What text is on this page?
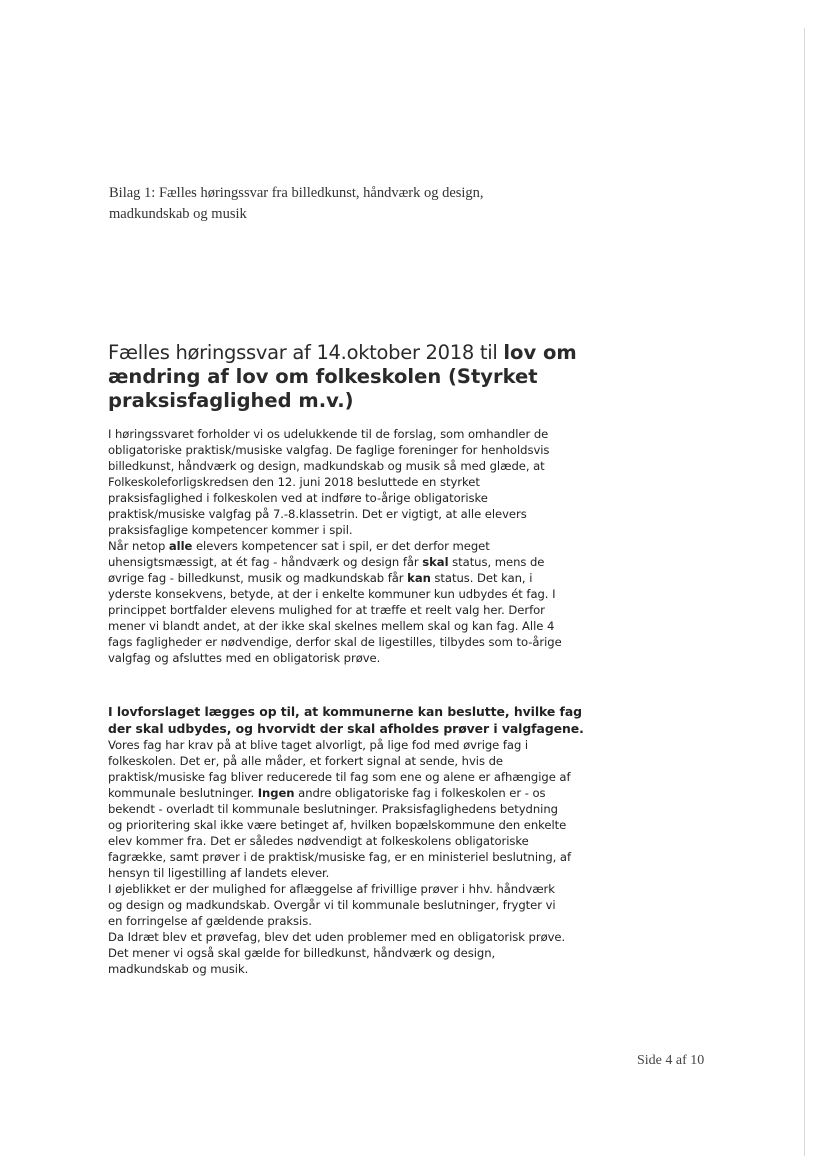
Bilag 1: Fælles høringssvar fra billedkunst, håndværk og design,
madkundskab og musik
Fælles høringssvar af 14.oktober 2018 til lov om
ændring af lov om folkeskolen (Styrket
praksisfaglighed m.v.)
I høringssvaret forholder vi os udelukkende til de forslag, som omhandler de
obligatoriske praktisk/musiske valgfag. De faglige foreninger for henholdsvis
billedkunst, håndværk og design, madkundskab og musik så med glæde, at
Folkeskoleforligskredsen den 12. juni 2018 besluttede en styrket
praksisfaglighed i folkeskolen ved at indføre to-årige obligatoriske
praktisk/musiske valgfag på 7.-8.klassetrin. Det er vigtigt, at alle elevers
praksisfaglige kompetencer kommer i spil.
Når netop alle elevers kompetencer sat i spil, er det derfor meget
uhensigtsmæssigt, at ét fag - håndværk og design får skal status, mens de
øvrige fag - billedkunst, musik og madkundskab får kan status. Det kan, i
yderste konsekvens, betyde, at der i enkelte kommuner kun udbydes ét fag. I
princippet bortfalder elevens mulighed for at træffe et reelt valg her. Derfor
mener vi blandt andet, at der ikke skal skelnes mellem skal og kan fag. Alle 4
fags fagligheder er nødvendige, derfor skal de ligestilles, tilbydes som to-årige
valgfag og afsluttes med en obligatorisk prøve.
I lovforslaget lægges op til, at kommunerne kan beslutte, hvilke fag
der skal udbydes, og hvorvidt der skal afholdes prøver i valgfagene.
Vores fag har krav på at blive taget alvorligt, på lige fod med øvrige fag i
folkeskolen. Det er, på alle måder, et forkert signal at sende, hvis de
praktisk/musiske fag bliver reducerede til fag som ene og alene er afhængige af
kommunale beslutninger. Ingen andre obligatoriske fag i folkeskolen er - os
bekendt - overladt til kommunale beslutninger. Praksisfaglighedens betydning
og prioritering skal ikke være betinget af, hvilken bopælskommune den enkelte
elev kommer fra. Det er således nødvendigt at folkeskolens obligatoriske
fagrække, samt prøver i de praktisk/musiske fag, er en ministeriel beslutning, af
hensyn til ligestilling af landets elever.
I øjeblikket er der mulighed for aflæggelse af frivillige prøver i hhv. håndværk
og design og madkundskab. Overgår vi til kommunale beslutninger, frygter vi
en forringelse af gældende praksis.
Da Idræt blev et prøvefag, blev det uden problemer med en obligatorisk prøve.
Det mener vi også skal gælde for billedkunst, håndværk og design,
madkundskab og musik.
Side 4 af 10
